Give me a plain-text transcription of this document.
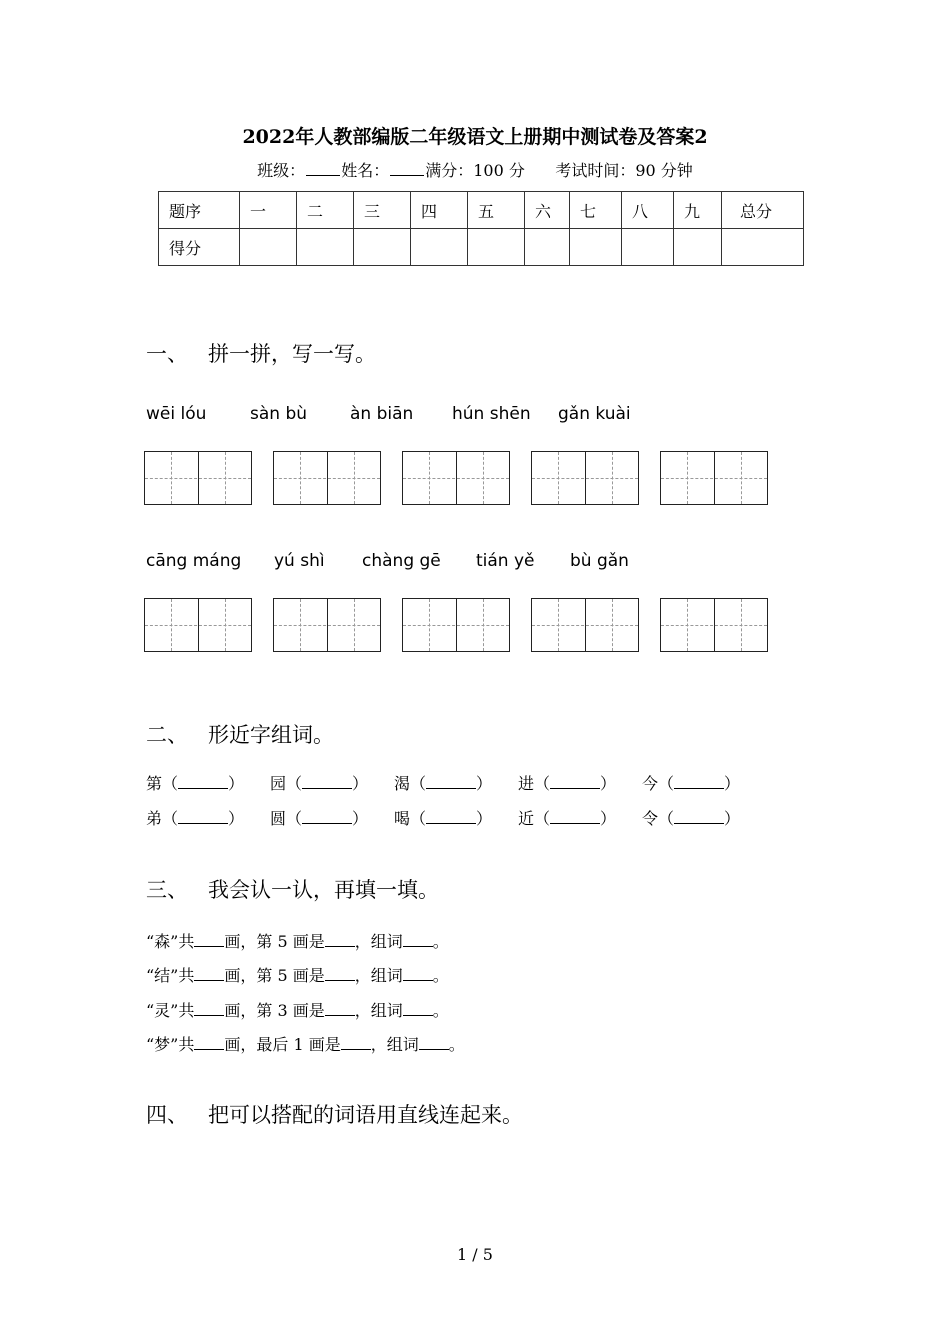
2022年人教部编版二年级语文上册期中测试卷及答案2
班级： 姓名： 满分：100 分 考试时间：90 分钟
题序	一	二	三	四	五	六	七	八	九	总分
得分										
一、 拼一拼，写一写。
wēi lóu	sàn bù	àn biān hún shēn gǎn kuài
cāng máng yú shì chàng gē tián yě bù gǎn
二、 形近字组词。
第（	） 园（	） 渴（	） 进（	） 今（	）
弟（	） 圆（	） 喝（	） 近（	） 令（	）
三、 我会认一认，再填一填。
“森”共 画，第 5 画是 ，组词 。
“结”共 画，第 5 画是 ，组词 。
“灵”共 画，第 3 画是 ，组词 。
“梦”共 画，最后 1 画是 ，组词 。
四、 把可以搭配的词语用直线连起来。
1 / 5
